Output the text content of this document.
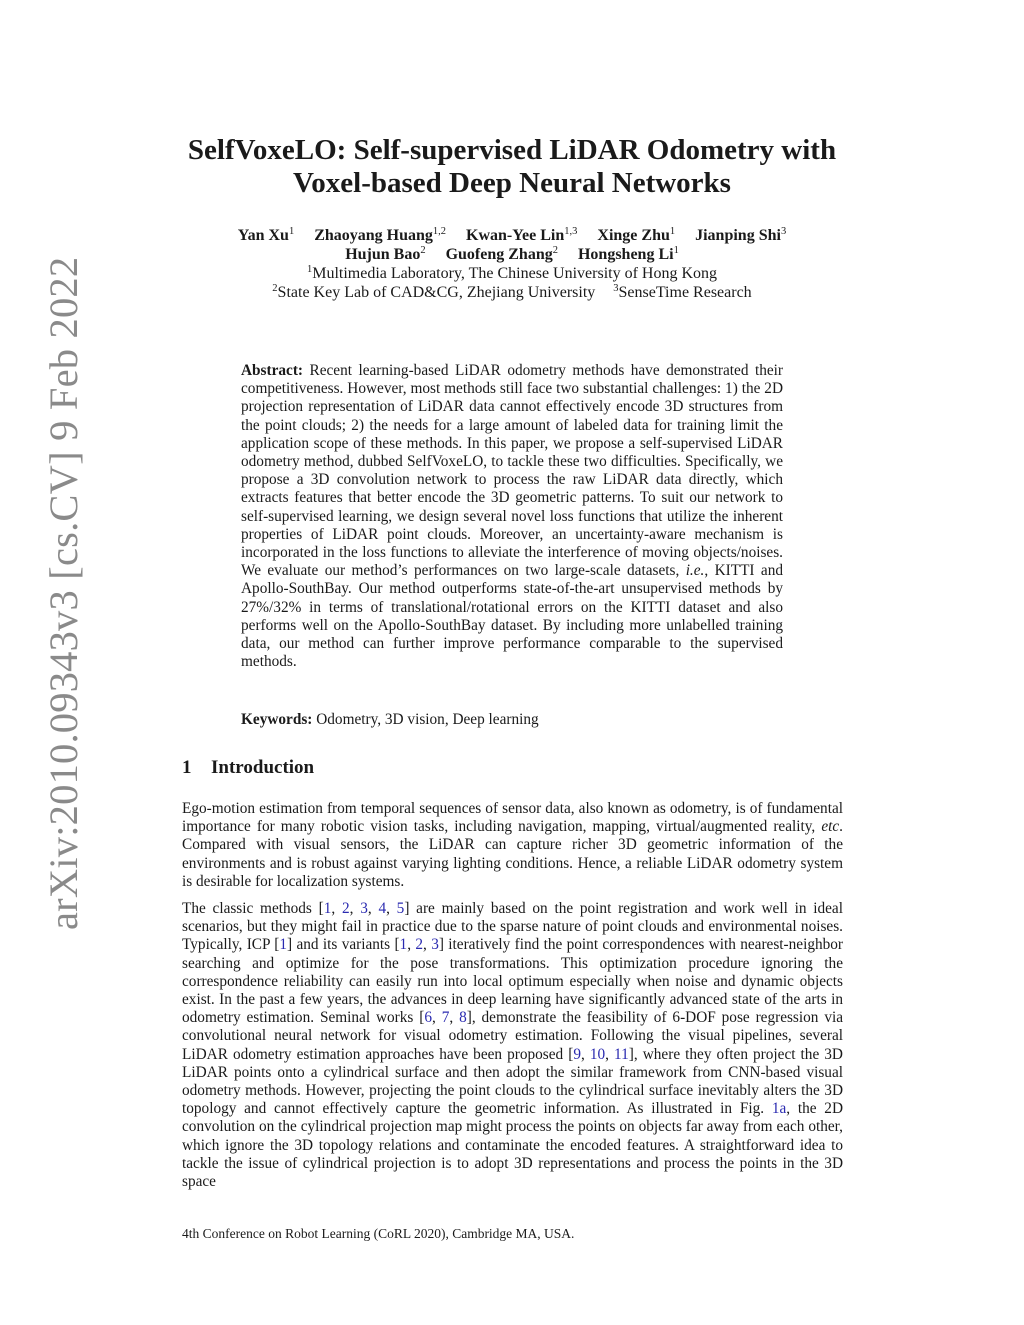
arXiv:2010.09343v3 [cs.CV] 9 Feb 2022
SelfVoxeLO: Self-supervised LiDAR Odometry with
Voxel-based Deep Neural Networks
Yan Xu$^1$ Zhaoyang Huang$^{1,2}$ Kwan-Yee Lin$^{1,3}$ Xinge Zhu$^1$ Jianping Shi$^3$
Hujun Bao$^2$ Guofeng Zhang$^2$ Hongsheng Li$^1$
$^1$Multimedia Laboratory, The Chinese University of Hong Kong
$^2$State Key Lab of CAD&CG, Zhejiang University $^3$SenseTime Research
Abstract: Recent learning-based LiDAR odometry methods have demonstrated their competitiveness. However, most methods still face two substantial challenges: 1) the 2D projection representation of LiDAR data cannot effectively encode 3D structures from the point clouds; 2) the needs for a large amount of labeled data for training limit the application scope of these methods. In this paper, we propose a self-supervised LiDAR odometry method, dubbed SelfVoxeLO, to tackle these two difficulties. Specifically, we propose a 3D convolution network to process the raw LiDAR data directly, which extracts features that better encode the 3D geometric patterns. To suit our network to self-supervised learning, we design several novel loss functions that utilize the inherent properties of LiDAR point clouds. Moreover, an uncertainty-aware mechanism is incorporated in the loss functions to alleviate the interference of moving objects/noises. We evaluate our method’s performances on two large-scale datasets, i.e., KITTI and Apollo-SouthBay. Our method outperforms state-of-the-art unsupervised methods by 27%/32% in terms of translational/rotational errors on the KITTI dataset and also performs well on the Apollo-SouthBay dataset. By including more unlabelled training data, our method can further improve performance comparable to the supervised methods.
Keywords: Odometry, 3D vision, Deep learning
1 Introduction

Ego-motion estimation from temporal sequences of sensor data, also known as odometry, is of fundamental importance for many robotic vision tasks, including navigation, mapping, virtual/augmented reality, etc. Compared with visual sensors, the LiDAR can capture richer 3D geometric information of the environments and is robust against varying lighting conditions. Hence, a reliable LiDAR odometry system is desirable for localization systems.

The classic methods [1, 2, 3, 4, 5] are mainly based on the point registration and work well in ideal scenarios, but they might fail in practice due to the sparse nature of point clouds and environmental noises. Typically, ICP [1] and its variants [1, 2, 3] iteratively find the point correspondences with nearest-neighbor searching and optimize for the pose transformations. This optimization procedure ignoring the correspondence reliability can easily run into local optimum especially when noise and dynamic objects exist. In the past a few years, the advances in deep learning have significantly advanced state of the arts in odometry estimation. Seminal works [6, 7, 8], demonstrate the feasibility of 6-DOF pose regression via convolutional neural network for visual odometry estimation. Following the visual pipelines, several LiDAR odometry estimation approaches have been proposed [9, 10, 11], where they often project the 3D LiDAR points onto a cylindrical surface and then adopt the similar framework from CNN-based visual odometry methods. However, projecting the point clouds to the cylindrical surface inevitably alters the 3D topology and cannot effectively capture the geometric information. As illustrated in Fig. 1a, the 2D convolution on the cylindrical projection map might process the points on objects far away from each other, which ignore the 3D topology relations and contaminate the encoded features. A straightforward idea to tackle the issue of cylindrical projection is to adopt 3D representations and process the points in the 3D space

4th Conference on Robot Learning (CoRL 2020), Cambridge MA, USA.
